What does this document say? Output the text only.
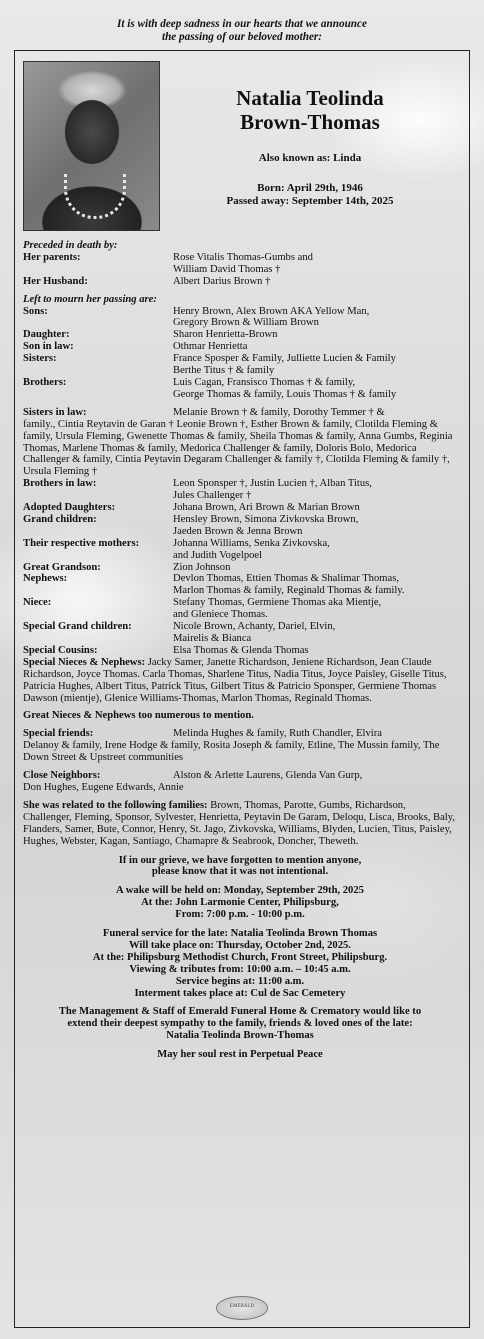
It is with deep sadness in our hearts that we announce
the passing of our beloved mother:
Natalia Teolinda
Brown-Thomas
Also known as: Linda
Born: April 29th, 1946
Passed away: September 14th, 2025
Preceded in death by:
Her parents:	Rose Vitalis Thomas-Gumbs and
William David Thomas †
Her Husband:	Albert Darius Brown †
Left to mourn her passing are:
Sons:	Henry Brown, Alex Brown AKA Yellow Man,
Gregory Brown & William Brown
Daughter:	Sharon Henrietta-Brown
Son in law:	Othmar Henrietta
Sisters:	France Sposper & Family, Julliette Lucien & Family
Berthe Titus † & family
Brothers:	Luis Cagan, Fransisco Thomas † & family,
George Thomas & family, Louis Thomas † & family
Sisters in law:	Melanie Brown † & family, Dorothy Temmer † &
family., Cintia Reytavin de Garan † Leonie Brown †, Esther Brown & family, Clotilda Fleming & family, Ursula Fleming, Gwenette Thomas & family, Sheila Thomas & family, Anna Gumbs, Reginia Thomas, Marlene Thomas & family, Medorica Challenger & family, Doloris Bolo, Medorica Challenger & family, Cintia Peytavin Degaram Challenger & family †, Clotilda Fleming & family †, Ursula Fleming †
Brothers in law:	Leon Sponsper †, Justin Lucien †, Alban Titus,
Jules Challenger †
Adopted Daughters:	Johana Brown, Ari Brown & Marian Brown
Grand children:	Hensley Brown, Simona Zivkovska Brown,
Jaeden Brown & Jenna Brown
Their respective mothers:	Johanna Williams, Senka Zivkovska,
and Judith Vogelpoel
Great Grandson:	Zion Johnson
Nephews:	Devlon Thomas, Ettien Thomas & Shalimar Thomas,
Marlon Thomas & family, Reginald Thomas & family.
Niece:	Stefany Thomas, Germiene Thomas aka Mientje,
and Gleniece Thomas.
Special Grand children:	Nicole Brown, Achanty, Dariel, Elvin,
Mairelis & Bianca
Special Cousins:	Elsa Thomas & Glenda Thomas
Special Nieces & Nephews: Jacky Samer, Janette Richardson, Jeniene Richardson, Jean Claude Richardson, Joyce Thomas. Carla Thomas, Sharlene Titus, Nadia Titus, Joyce Paisley, Giselle Titus, Patricia Hughes, Albert Titus, Patrick Titus, Gilbert Titus & Patricio Sponsper, Germiene Thomas Dawson (mientje), Glenice Williams-Thomas, Marlon Thomas, Reginald Thomas.
Great Nieces & Nephews too numerous to mention.
Special friends:	Melinda Hughes & family, Ruth Chandler, Elvira
Delanoy & family, Irene Hodge & family, Rosita Joseph & family, Etline, The Mussin family, The Down Street & Upstreet communities
Close Neighbors:	Alston & Arlette Laurens, Glenda Van Gurp,
Don Hughes, Eugene Edwards, Annie
She was related to the following families: Brown, Thomas, Parotte, Gumbs, Richardson, Challenger, Fleming, Sponsor, Sylvester, Henrietta, Peytavin De Garam, Deloqu, Lisca, Brooks, Baly, Flanders, Samer, Bute, Connor, Henry, St. Jago, Zivkovska, Williams, Blyden, Lucien, Titus, Paisley, Hughes, Webster, Kagan, Santiago, Chamapre & Seabrook, Doncher, Theweth.
If in our grieve, we have forgotten to mention anyone,
please know that it was not intentional.
A wake will be held on: Monday, September 29th, 2025
At the: John Larmonie Center, Philipsburg,
From: 7:00 p.m. - 10:00 p.m.
Funeral service for the late: Natalia Teolinda Brown Thomas
Will take place on: Thursday, October 2nd, 2025.
At the: Philipsburg Methodist Church, Front Street, Philipsburg.
Viewing & tributes from: 10:00 a.m. – 10:45 a.m.
Service begins at: 11:00 a.m.
Interment takes place at: Cul de Sac Cemetery
The Management & Staff of Emerald Funeral Home & Crematory would like to
extend their deepest sympathy to the family, friends & loved ones of the late:
Natalia Teolinda Brown-Thomas
May her soul rest in Perpetual Peace
EMERALD
